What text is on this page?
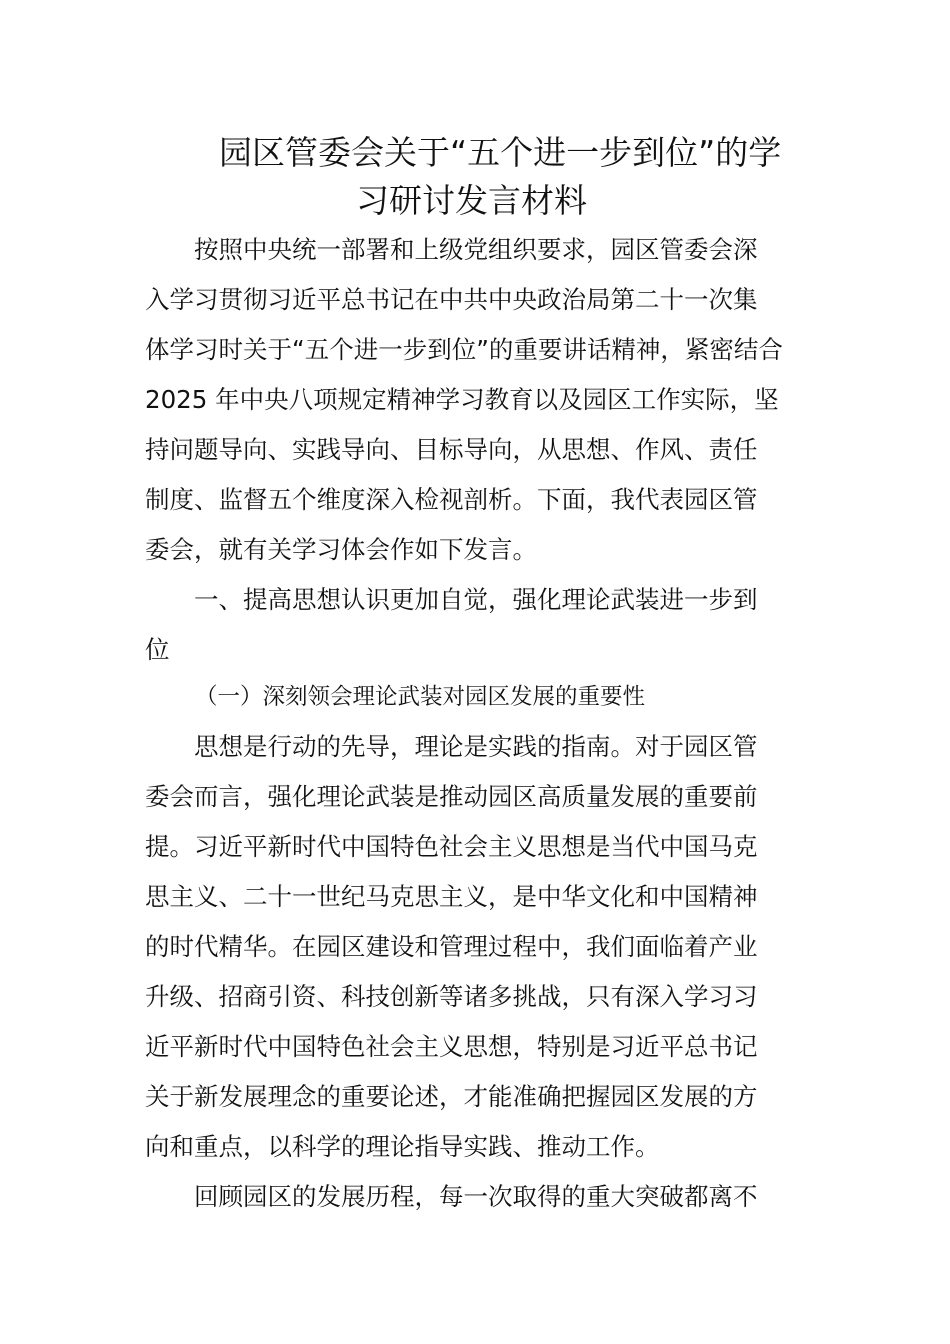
园区管委会关于“五个进一步到位”的学
习研讨发言材料
　　按照中央统一部署和上级党组织要求，园区管委会深
入学习贯彻习近平总书记在中共中央政治局第二十一次集
体学习时关于“五个进一步到位”的重要讲话精神，紧密结合
2025 年中央八项规定精神学习教育以及园区工作实际，坚
持问题导向、实践导向、目标导向，从思想、作风、责任
制度、监督五个维度深入检视剖析。下面，我代表园区管
委会，就有关学习体会作如下发言。
　　一、提高思想认识更加自觉，强化理论武装进一步到
位
（一）深刻领会理论武装对园区发展的重要性
　　思想是行动的先导，理论是实践的指南。对于园区管
委会而言，强化理论武装是推动园区高质量发展的重要前
提。习近平新时代中国特色社会主义思想是当代中国马克
思主义、二十一世纪马克思主义，是中华文化和中国精神
的时代精华。在园区建设和管理过程中，我们面临着产业
升级、招商引资、科技创新等诸多挑战，只有深入学习习
近平新时代中国特色社会主义思想，特别是习近平总书记
关于新发展理念的重要论述，才能准确把握园区发展的方
向和重点，以科学的理论指导实践、推动工作。
　　回顾园区的发展历程，每一次取得的重大突破都离不
